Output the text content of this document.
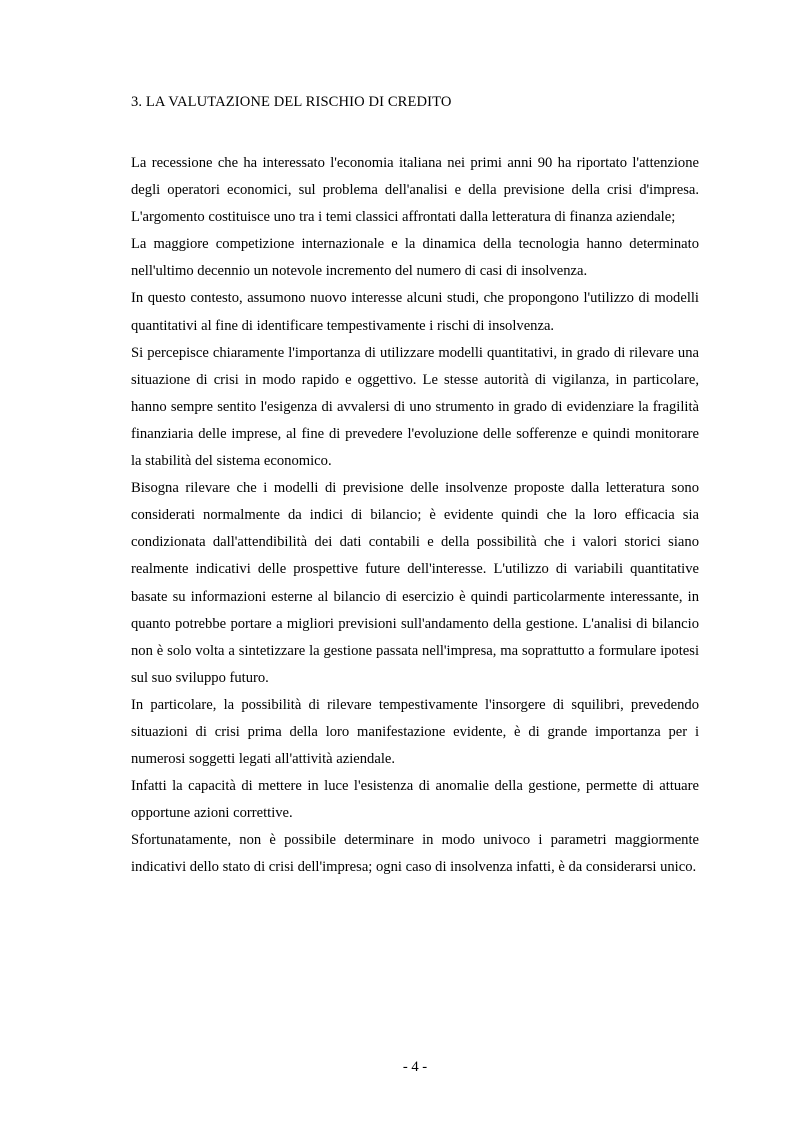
3. LA VALUTAZIONE DEL RISCHIO DI CREDITO

La recessione che ha interessato l'economia italiana nei primi anni 90 ha riportato l'attenzione degli operatori economici, sul problema dell'analisi e della previsione della crisi d'impresa. L'argomento costituisce uno tra i temi classici affrontati dalla letteratura di finanza aziendale;

La maggiore competizione internazionale e la dinamica della tecnologia hanno determinato nell'ultimo decennio un notevole incremento del numero di casi di insolvenza.

In questo contesto, assumono nuovo interesse alcuni studi, che propongono l'utilizzo di modelli quantitativi al fine di identificare tempestivamente i rischi di insolvenza.

Si percepisce chiaramente l'importanza di utilizzare modelli quantitativi, in grado di rilevare una situazione di crisi in modo rapido e oggettivo. Le stesse autorità di vigilanza, in particolare, hanno sempre sentito l'esigenza di avvalersi di uno strumento in grado di evidenziare la fragilità finanziaria delle imprese, al fine di prevedere l'evoluzione delle sofferenze e quindi monitorare la stabilità del sistema economico.

Bisogna rilevare che i modelli di previsione delle insolvenze proposte dalla letteratura sono considerati normalmente da indici di bilancio; è evidente quindi che la loro efficacia sia condizionata dall'attendibilità dei dati contabili e della possibilità che i valori storici siano realmente indicativi delle prospettive future dell'interesse. L'utilizzo di variabili quantitative basate su informazioni esterne al bilancio di esercizio è quindi particolarmente interessante, in quanto potrebbe portare a migliori previsioni sull'andamento della gestione. L'analisi di bilancio non è solo volta a sintetizzare la gestione passata nell'impresa, ma soprattutto a formulare ipotesi sul suo sviluppo futuro.

In particolare, la possibilità di rilevare tempestivamente l'insorgere di squilibri, prevedendo situazioni di crisi prima della loro manifestazione evidente, è di grande importanza per i numerosi soggetti legati all'attività aziendale.

Infatti la capacità di mettere in luce l'esistenza di anomalie della gestione, permette di attuare opportune azioni correttive.

Sfortunatamente, non è possibile determinare in modo univoco i parametri maggiormente indicativi dello stato di crisi dell'impresa; ogni caso di insolvenza infatti, è da considerarsi unico.

- 4 -
